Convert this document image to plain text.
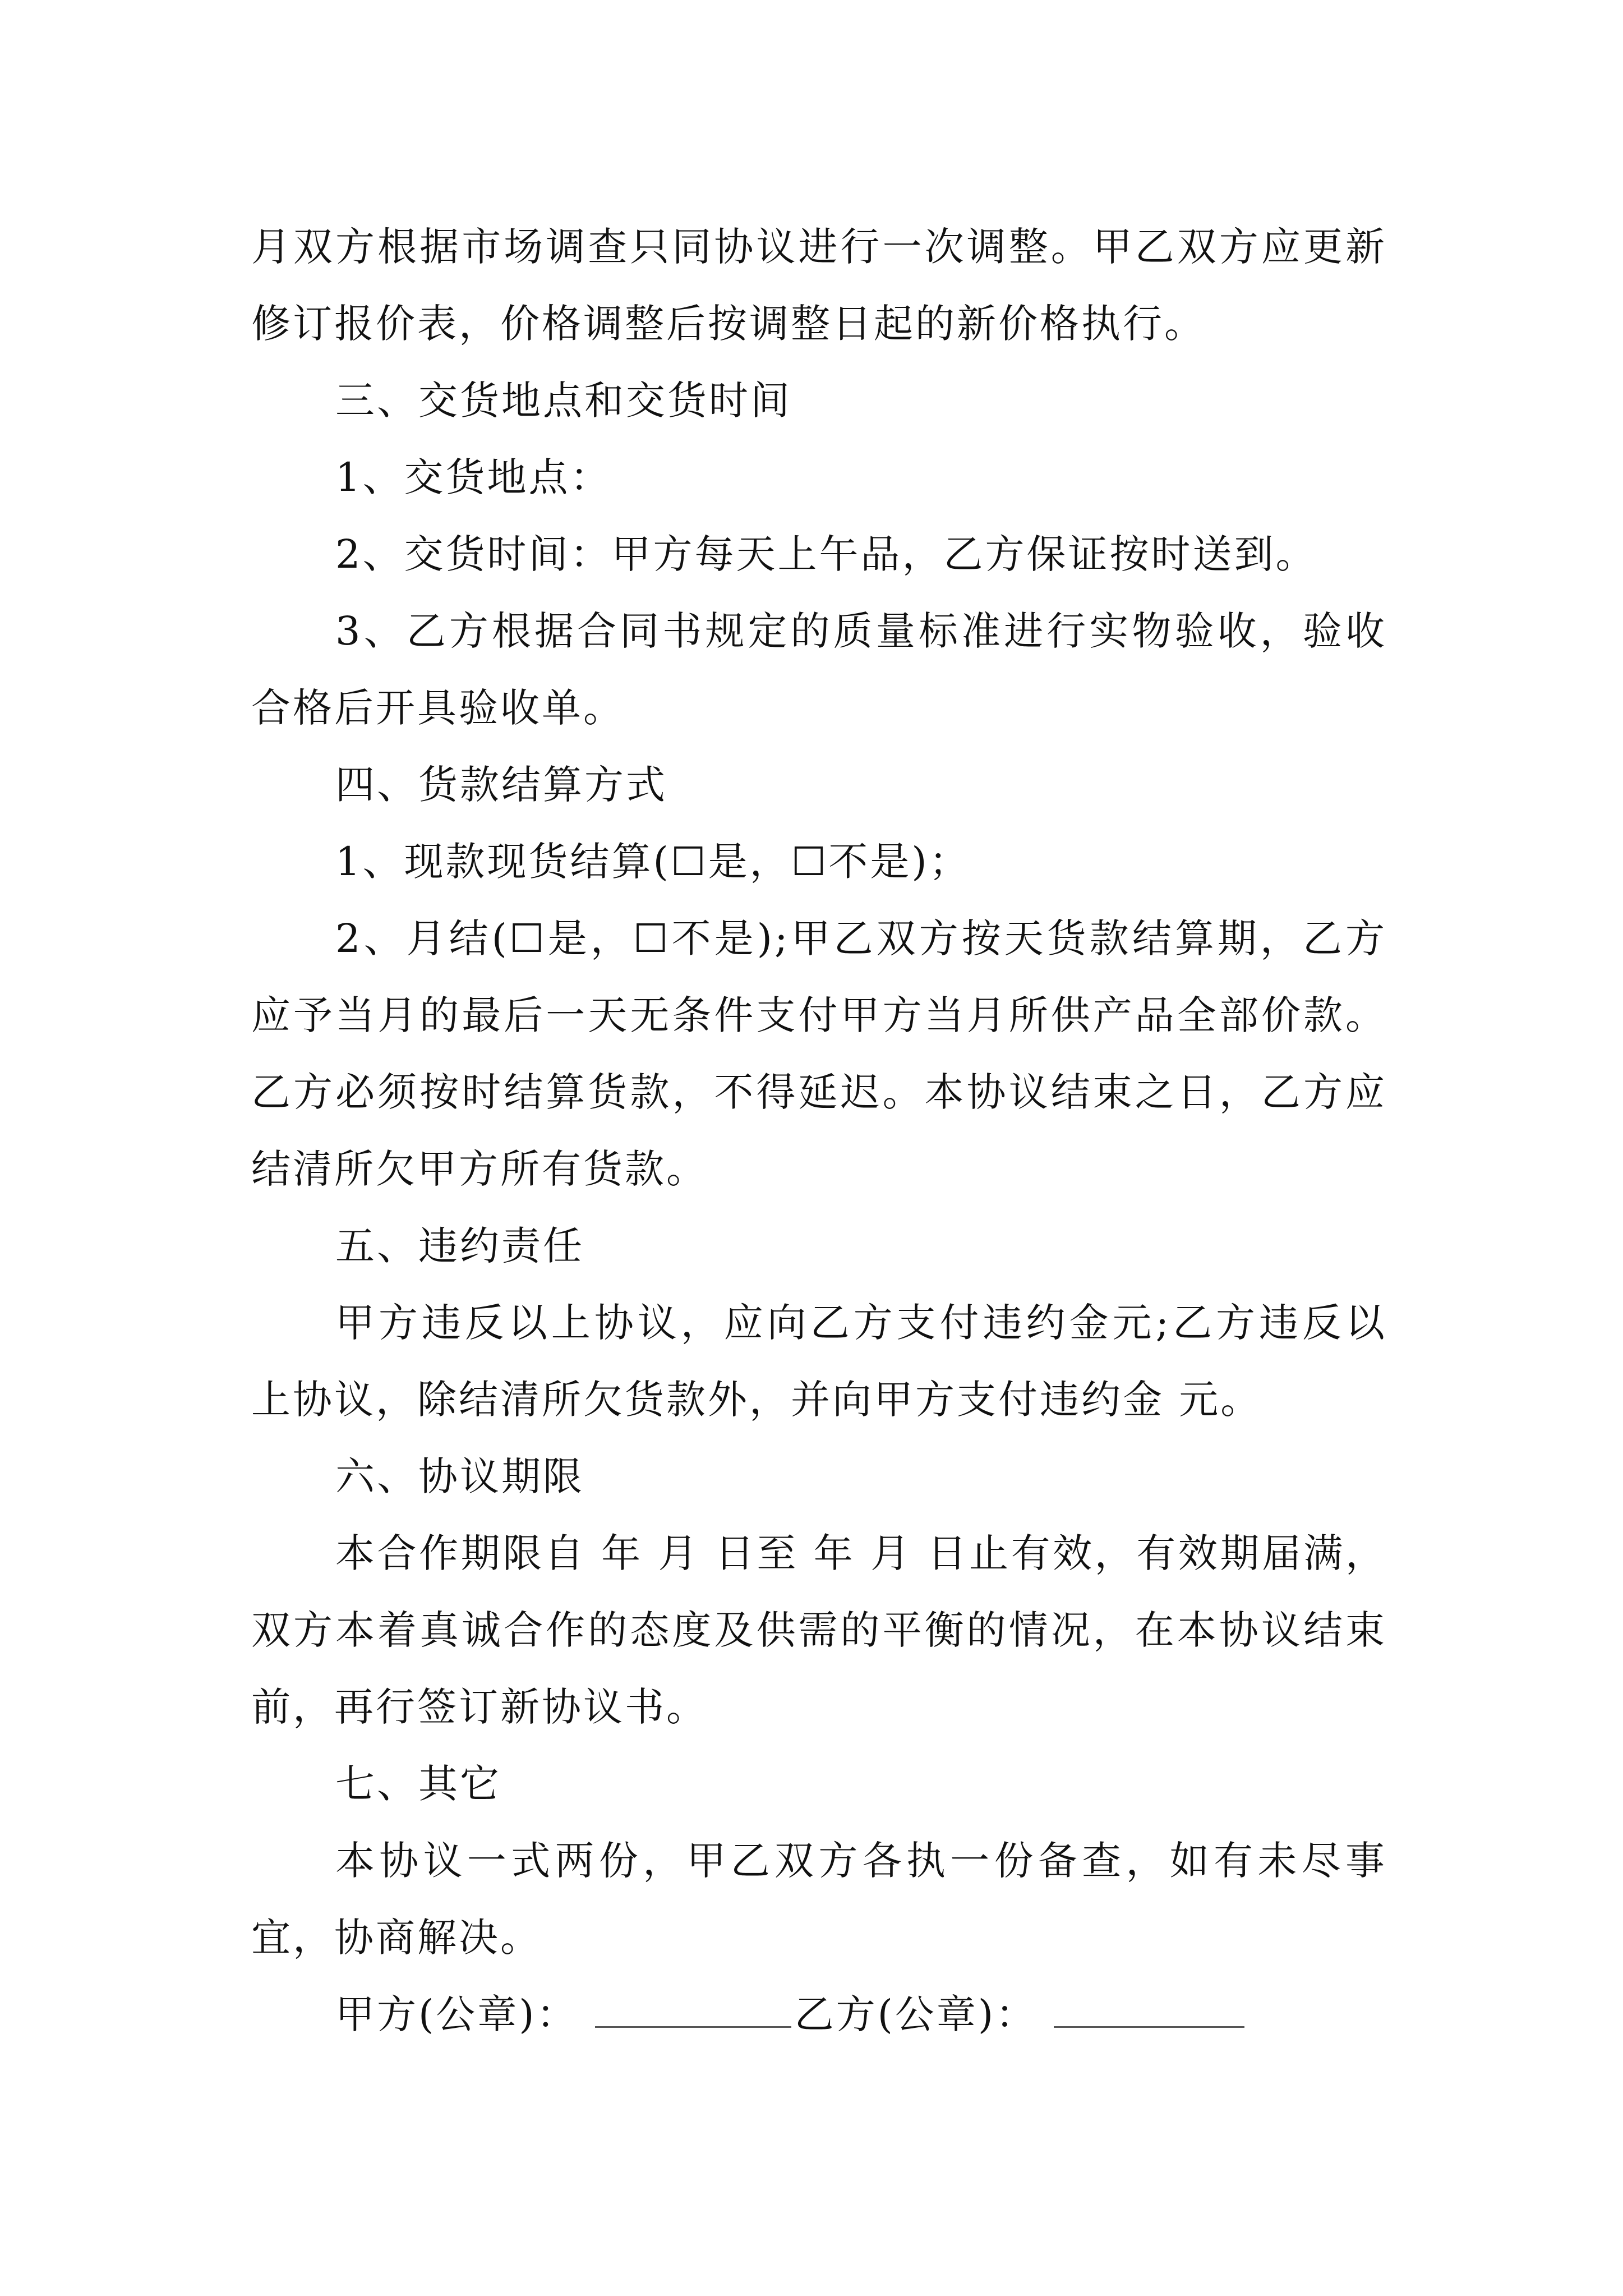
月双方根据市场调查只同协议进行一次调整。甲乙双方应更新修订报价表，价格调整后按调整日起的新价格执行。

三、交货地点和交货时间

1、交货地点：

2、交货时间：甲方每天上午品，乙方保证按时送到。

3、乙方根据合同书规定的质量标准进行实物验收，验收合格后开具验收单。

四、货款结算方式

1、现款现货结算(☐是，☐不是)；

2、月结(☐是，☐不是);甲乙双方按天货款结算期，乙方应予当月的最后一天无条件支付甲方当月所供产品全部价款。乙方必须按时结算货款，不得延迟。本协议结束之日，乙方应结清所欠甲方所有货款。

五、违约责任

甲方违反以上协议，应向乙方支付违约金元;乙方违反以上协议，除结清所欠货款外，并向甲方支付违约金 元。

六、协议期限

本合作期限自 年 月 日至 年 月 日止有效，有效期届满，双方本着真诚合作的态度及供需的平衡的情况，在本协议结束前，再行签订新协议书。

七、其它

本协议一式两份，甲乙双方各执一份备查，如有未尽事宜，协商解决。

甲方(公章)：	乙方(公章)：
